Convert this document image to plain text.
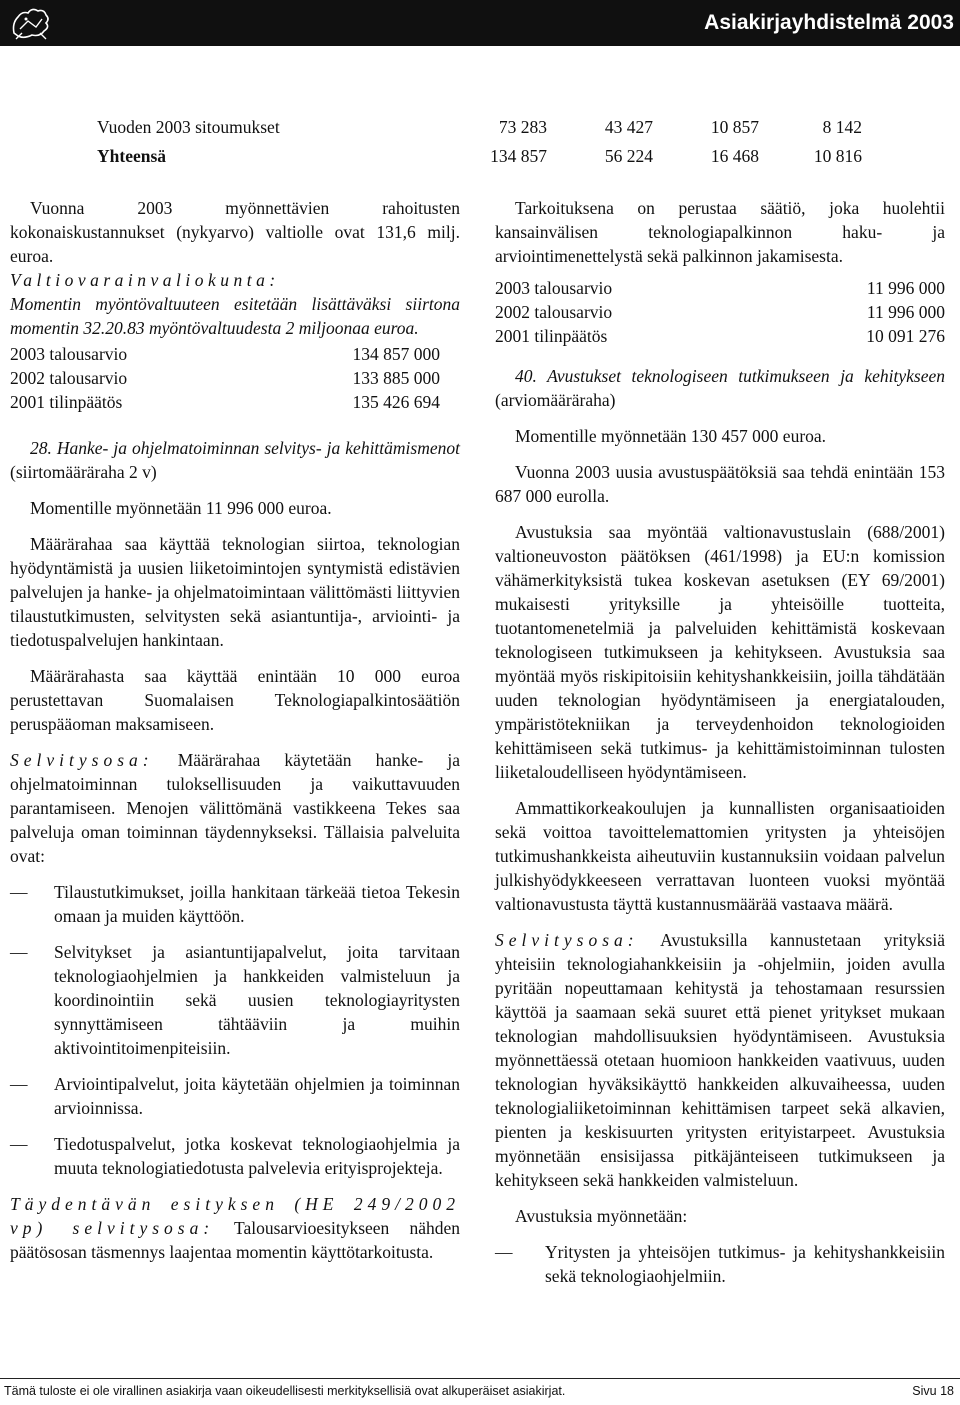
Asiakirjayhdistelmä 2003
Vuoden 2003 sitoumukset	73 283	43 427	10 857	8 142
Yhteensä	134 857	56 224	16 468	10 816

Vuonna 2003 myönnettävien rahoitusten kokonaiskustannukset (nykyarvo) valtiolle ovat 131,6 milj. euroa.

Valtiovarainvaliokunta:
Momentin myöntövaltuuteen esitetään lisättäväksi siirtona momentin 32.20.83 myöntövaltuudesta 2 miljoonaa euroa.

2003 talousarvio	134 857 000
2002 talousarvio	133 885 000
2001 tilinpäätös	135 426 694

28. Hanke- ja ohjelmatoiminnan selvitys- ja kehittämismenot (siirtomääräraha 2 v)

Momentille myönnetään 11 996 000 euroa.

Määrärahaa saa käyttää teknologian siirtoa, teknologian hyödyntämistä ja uusien liiketoimintojen syntymistä edistävien palvelujen ja hanke- ja ohjelmatoimintaan välittömästi liittyvien tilaustutkimusten, selvitysten sekä asiantuntija-, arviointi- ja tiedotuspalvelujen hankintaan.

Määrärahasta saa käyttää enintään 10 000 euroa perustettavan Suomalaisen Teknologiapalkintosäätiön peruspääoman maksamiseen.

Selvitysosa: Määrärahaa käytetään hanke- ja ohjelmatoiminnan tuloksellisuuden ja vaikuttavuuden parantamiseen. Menojen välittömänä vastikkeena Tekes saa palveluja oman toiminnan täydennykseksi. Tällaisia palveluita ovat:

— Tilaustutkimukset, joilla hankitaan tärkeää tietoa Tekesin omaan ja muiden käyttöön.
— Selvitykset ja asiantuntijapalvelut, joita tarvitaan teknologiaohjelmien ja hankkeiden valmisteluun ja koordinointiin sekä uusien teknologiayritysten synnyttämiseen tähtääviin ja muihin aktivointitoimenpiteisiin.
— Arviointipalvelut, joita käytetään ohjelmien ja toiminnan arvioinnissa.
— Tiedotuspalvelut, jotka koskevat teknologiaohjelmia ja muuta teknologiatiedotusta palvelevia erityisprojekteja.

Täydentävän esityksen (HE 249/2002 vp) selvitysosa: Talousarvioesitykseen nähden päätösosan täsmennys laajentaa momentin käyttötarkoitusta.

Tarkoituksena on perustaa säätiö, joka huolehtii kansainvälisen teknologiapalkinnon haku- ja arviointimenettelystä sekä palkinnon jakamisesta.

2003 talousarvio	11 996 000
2002 talousarvio	11 996 000
2001 tilinpäätös	10 091 276

40. Avustukset teknologiseen tutkimukseen ja kehitykseen (arviomääräraha)

Momentille myönnetään 130 457 000 euroa.

Vuonna 2003 uusia avustuspäätöksiä saa tehdä enintään 153 687 000 eurolla.

Avustuksia saa myöntää valtionavustuslain (688/2001) valtioneuvoston päätöksen (461/1998) ja EU:n komission vähämerkityksistä tukea koskevan asetuksen (EY 69/2001) mukaisesti yrityksille ja yhteisöille tuotteita, tuotantomenetelmiä ja palveluiden kehittämistä koskevaan teknologiseen tutkimukseen ja kehitykseen. Avustuksia saa myöntää myös riskipitoisiin kehityshankkeisiin, joilla tähdätään uuden teknologian hyödyntämiseen ja energiatalouden, ympäristötekniikan ja terveydenhoidon teknologioiden kehittämiseen sekä tutkimus- ja kehittämistoiminnan tulosten liiketaloudelliseen hyödyntämiseen.

Ammattikorkeakoulujen ja kunnallisten organisaatioiden sekä voittoa tavoittelemattomien yritysten ja yhteisöjen tutkimushankkeista aiheutuviin kustannuksiin voidaan palvelun julkishyödykkeeseen verrattavan luonteen vuoksi myöntää valtionavustusta täyttä kustannusmäärää vastaava määrä.

Selvitysosa: Avustuksilla kannustetaan yrityksiä yhteisiin teknologiahankkeisiin ja -ohjelmiin, joiden avulla pyritään nopeuttamaan kehitystä ja tehostamaan resurssien käyttöä ja saamaan sekä suuret että pienet yritykset mukaan teknologian mahdollisuuksien hyödyntämiseen. Avustuksia myönnettäessä otetaan huomioon hankkeiden vaativuus, uuden teknologian hyväksikäyttö hankkeiden alkuvaiheessa, uuden teknologialiiketoiminnan kehittämisen tarpeet sekä alkavien, pienten ja keskisuurten yritysten erityistarpeet. Avustuksia myönnetään ensisijassa pitkäjänteiseen tutkimukseen ja kehitykseen sekä hankkeiden valmisteluun.

Avustuksia myönnetään:

— Yritysten ja yhteisöjen tutkimus- ja kehityshankkeisiin sekä teknologiaohjelmiin.
Tämä tuloste ei ole virallinen asiakirja vaan oikeudellisesti merkityksellisiä ovat alkuperäiset asiakirjat.	Sivu 18
